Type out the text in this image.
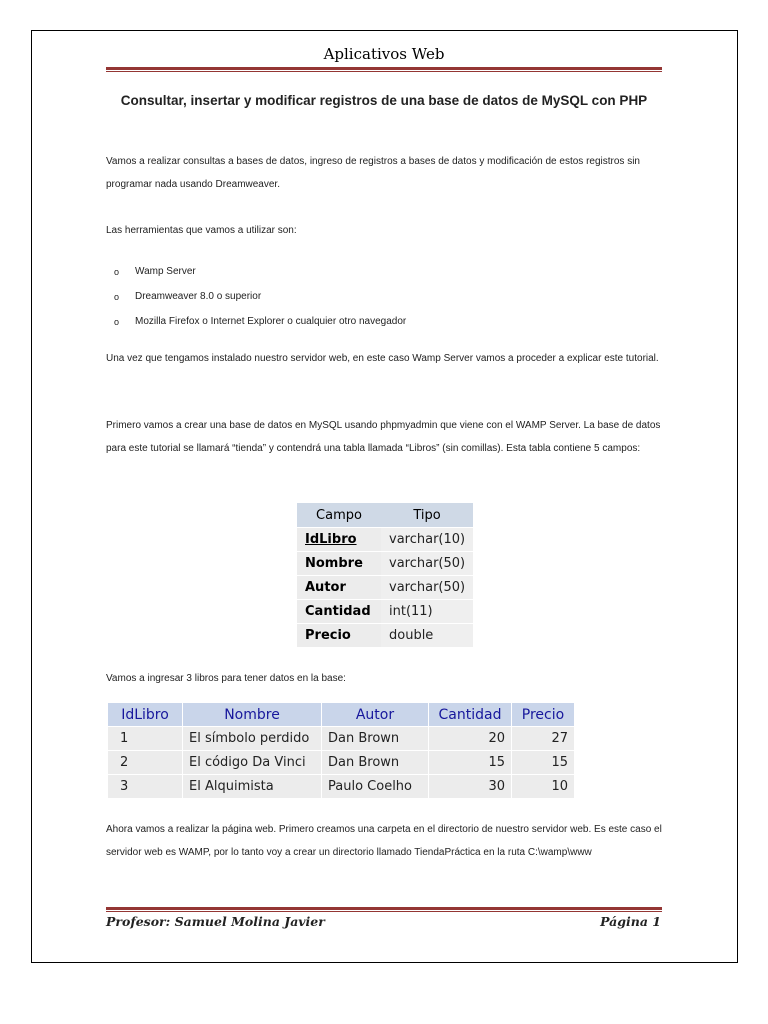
Aplicativos Web
Consultar, insertar y modificar registros de una base de datos de MySQL con PHP
Vamos a realizar consultas a bases de datos, ingreso de registros a bases de datos y modificación de estos registros sin programar nada usando Dreamweaver.
Las herramientas que vamos a utilizar son:
o Wamp Server
o Dreamweaver 8.0 o superior
o Mozilla Firefox o Internet Explorer o cualquier otro navegador
Una vez que tengamos instalado nuestro servidor web, en este caso Wamp Server vamos a proceder a explicar este tutorial.
Primero vamos a crear una base de datos en MySQL usando phpmyadmin que viene con el WAMP Server. La base de datos para este tutorial se llamará “tienda” y contendrá una tabla llamada “Libros” (sin comillas). Esta tabla contiene 5 campos:
Campo	Tipo
IdLibro	varchar(10)
Nombre	varchar(50)
Autor	varchar(50)
Cantidad	int(11)
Precio	double
Vamos a ingresar 3 libros para tener datos en la base:
IdLibro	Nombre	Autor	Cantidad	Precio
1	El símbolo perdido	Dan Brown	20	27
2	El código Da Vinci	Dan Brown	15	15
3	El Alquimista	Paulo Coelho	30	10
Ahora vamos a realizar la página web. Primero creamos una carpeta en el directorio de nuestro servidor web. Es este caso el servidor web es WAMP, por lo tanto voy a crear un directorio llamado TiendaPráctica en la ruta C:\wamp\www
Profesor: Samuel Molina Javier	Página 1
